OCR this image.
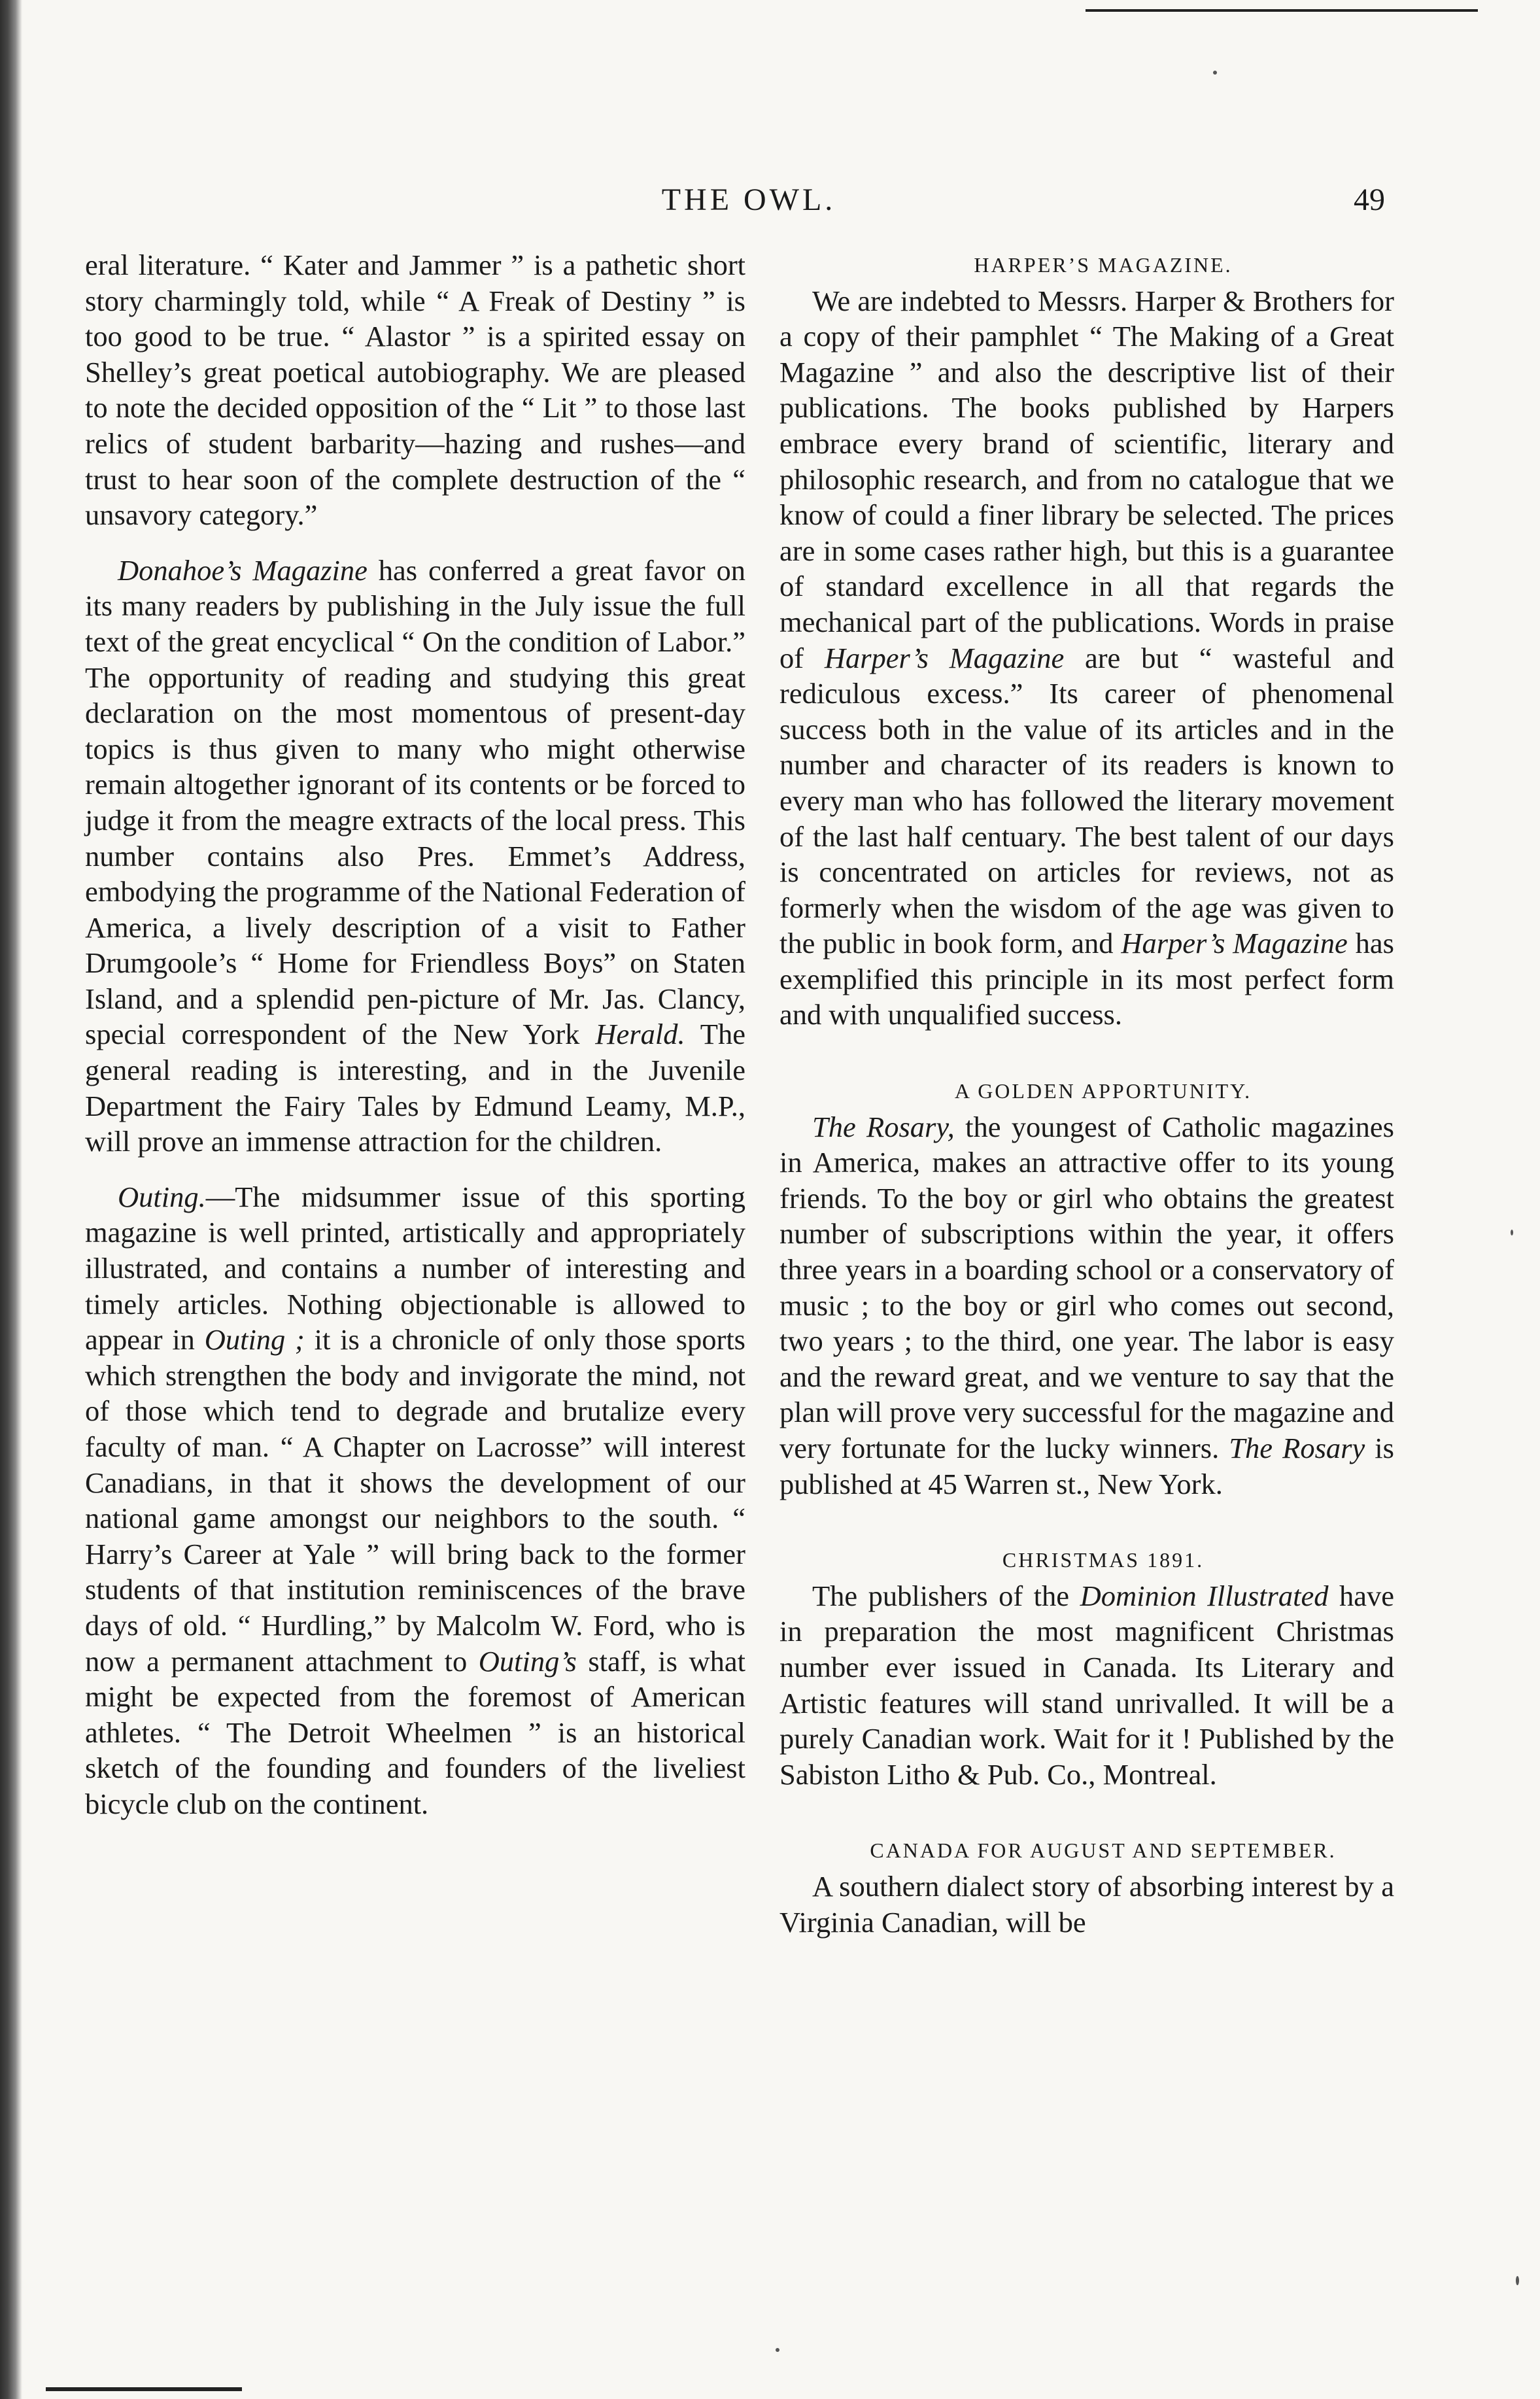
THE OWL.	49

eral literature. “ Kater and Jammer ” is a pathetic short story charmingly told, while “ A Freak of Destiny ” is too good to be true. “ Alastor ” is a spirited essay on Shelley’s great poetical autobiography. We are pleased to note the decided opposition of the “ Lit ” to those last relics of student barbarity—hazing and rushes—and trust to hear soon of the complete destruction of the “ unsavory category.”

Donahoe’s Magazine has conferred a great favor on its many readers by publishing in the July issue the full text of the great encyclical “ On the condition of Labor.” The opportunity of reading and studying this great declaration on the most momentous of present-day topics is thus given to many who might otherwise remain altogether ignorant of its contents or be forced to judge it from the meagre extracts of the local press. This number contains also Pres. Emmet’s Address, embodying the programme of the National Federation of America, a lively description of a visit to Father Drumgoole’s “ Home for Friendless Boys” on Staten Island, and a splendid pen-picture of Mr. Jas. Clancy, special correspondent of the New York Herald. The general reading is interesting, and in the Juvenile Department the Fairy Tales by Edmund Leamy, M.P., will prove an immense attraction for the children.

Outing.—The midsummer issue of this sporting magazine is well printed, artistically and appropriately illustrated, and contains a number of interesting and timely articles. Nothing objectionable is allowed to appear in Outing ; it is a chronicle of only those sports which strengthen the body and invigorate the mind, not of those which tend to degrade and brutalize every faculty of man. “ A Chapter on Lacrosse” will interest Canadians, in that it shows the development of our national game amongst our neighbors to the south. “ Harry’s Career at Yale ” will bring back to the former students of that institution reminiscences of the brave days of old. “ Hurdling,” by Malcolm W. Ford, who is now a permanent attachment to Outing’s staff, is what might be expected from the foremost of American athletes. “ The Detroit Wheelmen ” is an historical sketch of the founding and founders of the liveliest bicycle club on the continent.

HARPER’S MAGAZINE.

We are indebted to Messrs. Harper & Brothers for a copy of their pamphlet “ The Making of a Great Magazine ” and also the descriptive list of their publications. The books published by Harpers embrace every brand of scientific, literary and philosophic research, and from no catalogue that we know of could a finer library be selected. The prices are in some cases rather high, but this is a guarantee of standard excellence in all that regards the mechanical part of the publications. Words in praise of Harper’s Magazine are but “ wasteful and rediculous excess.” Its career of phenomenal success both in the value of its articles and in the number and character of its readers is known to every man who has followed the literary movement of the last half centuary. The best talent of our days is concentrated on articles for reviews, not as formerly when the wisdom of the age was given to the public in book form, and Harper’s Magazine has exemplified this principle in its most perfect form and with unqualified success.

A GOLDEN APPORTUNITY.

The Rosary, the youngest of Catholic magazines in America, makes an attractive offer to its young friends. To the boy or girl who obtains the greatest number of subscriptions within the year, it offers three years in a boarding school or a conservatory of music ; to the boy or girl who comes out second, two years ; to the third, one year. The labor is easy and the reward great, and we venture to say that the plan will prove very successful for the magazine and very fortunate for the lucky winners. The Rosary is published at 45 Warren st., New York.

CHRISTMAS 1891.

The publishers of the Dominion Illustrated have in preparation the most magnificent Christmas number ever issued in Canada. Its Literary and Artistic features will stand unrivalled. It will be a purely Canadian work. Wait for it ! Published by the Sabiston Litho & Pub. Co., Montreal.

CANADA FOR AUGUST AND SEPTEMBER.

A southern dialect story of absorbing interest by a Virginia Canadian, will be
